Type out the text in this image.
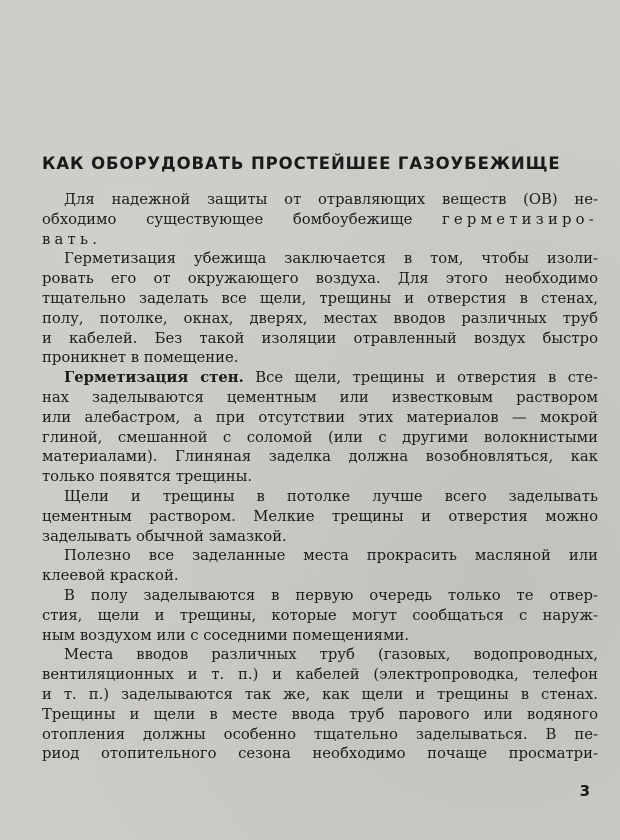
КАК ОБОРУДОВАТЬ ПРОСТЕЙШЕЕ ГАЗОУБЕЖИЩЕ
Для надежной защиты от отравляющих веществ (ОВ) не-
обходимо существующее бомбоубежище герметизиро-
вать.
Герметизация убежища заключается в том, чтобы изоли-
ровать его от окружающего воздуха. Для этого необходимо
тщательно заделать все щели, трещины и отверстия в стенах,
полу, потолке, окнах, дверях, местах вводов различных труб
и кабелей. Без такой изоляции отравленный воздух быстро
проникнет в помещение.
Герметизация стен. Все щели, трещины и отверстия в сте-
нах заделываются цементным или известковым раствором
или алебастром, а при отсутствии этих материалов — мокрой
глиной, смешанной с соломой (или с другими волокнистыми
материалами). Глиняная заделка должна возобновляться, как
только появятся трещины.
Щели и трещины в потолке лучше всего заделывать
цементным раствором. Мелкие трещины и отверстия можно
заделывать обычной замазкой.
Полезно все заделанные места прокрасить масляной или
клеевой краской.
В полу заделываются в первую очередь только те отвер-
стия, щели и трещины, которые могут сообщаться с наруж-
ным воздухом или с соседними помещениями.
Места вводов различных труб (газовых, водопроводных,
вентиляционных и т. п.) и кабелей (электропроводка, телефон
и т. п.) заделываются так же, как щели и трещины в стенах.
Трещины и щели в месте ввода труб парового или водяного
отопления должны особенно тщательно заделываться. В пе-
риод отопительного сезона необходимо почаще просматри-
3
